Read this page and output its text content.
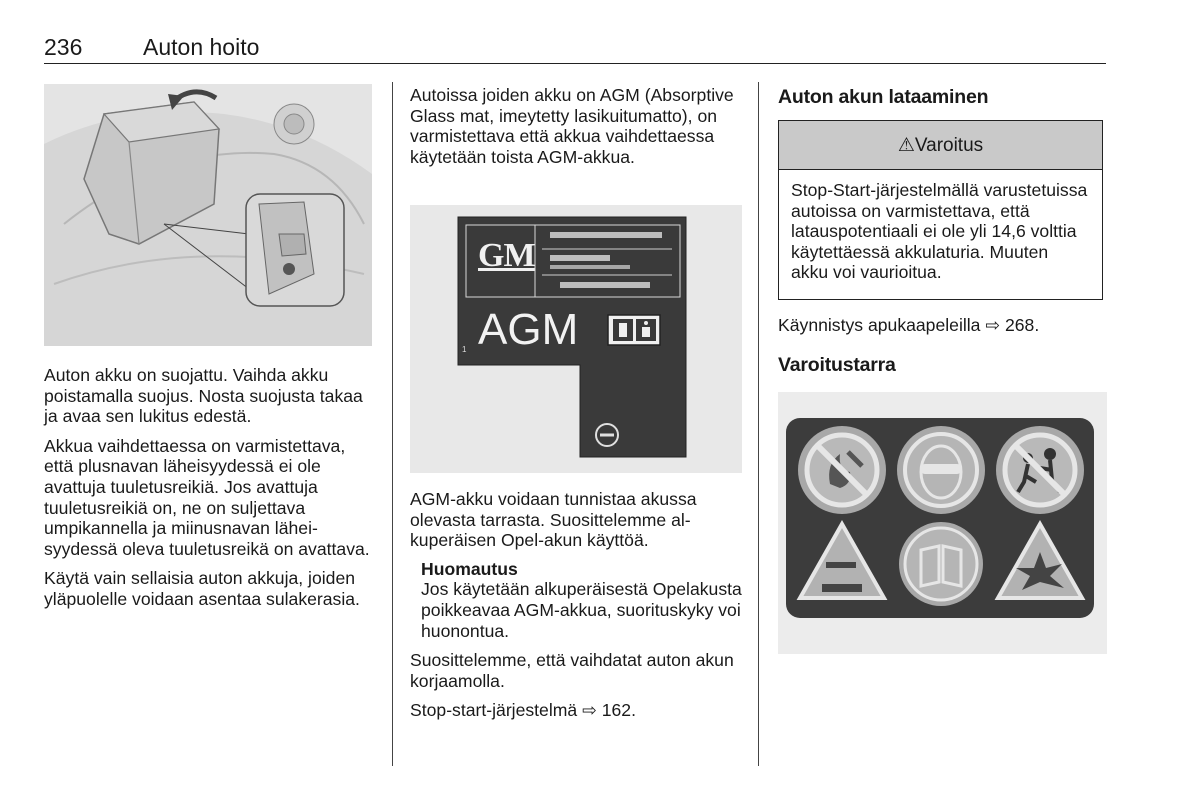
236	Auton hoito

Auton akku on suojattu. Vaihda akku poistamalla suojus. Nosta suojusta takaa ja avaa sen lukitus edestä.

Akkua vaihdettaessa on varmistettava, että plusnavan läheisyydessä ei ole avattuja tuuletusreikiä. Jos avattuja tuuletusreikiä on, ne on suljettava umpikannella ja miinusnavan läheisyydessä oleva tuuletusreikä on avattava.

Käytä vain sellaisia auton akkuja, joiden yläpuolelle voidaan asentaa sulakerasia.

Autoissa joiden akku on AGM (Absorptive Glass mat, imeytetty lasikuitumatto), on varmistettava että akkua vaihdettaessa käytetään toista AGM-akkua.

GM
AGM
1

AGM-akku voidaan tunnistaa akussa olevasta tarrasta. Suosittelemme alkuperäisen Opel-akun käyttöä.

Huomautus

Jos käytetään alkuperäisestä Opelakusta poikkeavaa AGM-akkua, suorituskyky voi huonontua.

Suosittelemme, että vaihdatat auton akun korjaamolla.

Stop-start-järjestelmä ⇨ 162.

Auton akun lataaminen
⚠Varoitus

Stop-Start-järjestelmällä varustetuissa autoissa on varmistettava, että latauspotentiaali ei ole yli 14,6 volttia käytettäessä akkulaturia. Muuten akku voi vaurioitua.

Käynnistys apukaapeleilla ⇨ 268.

Varoitustarra
